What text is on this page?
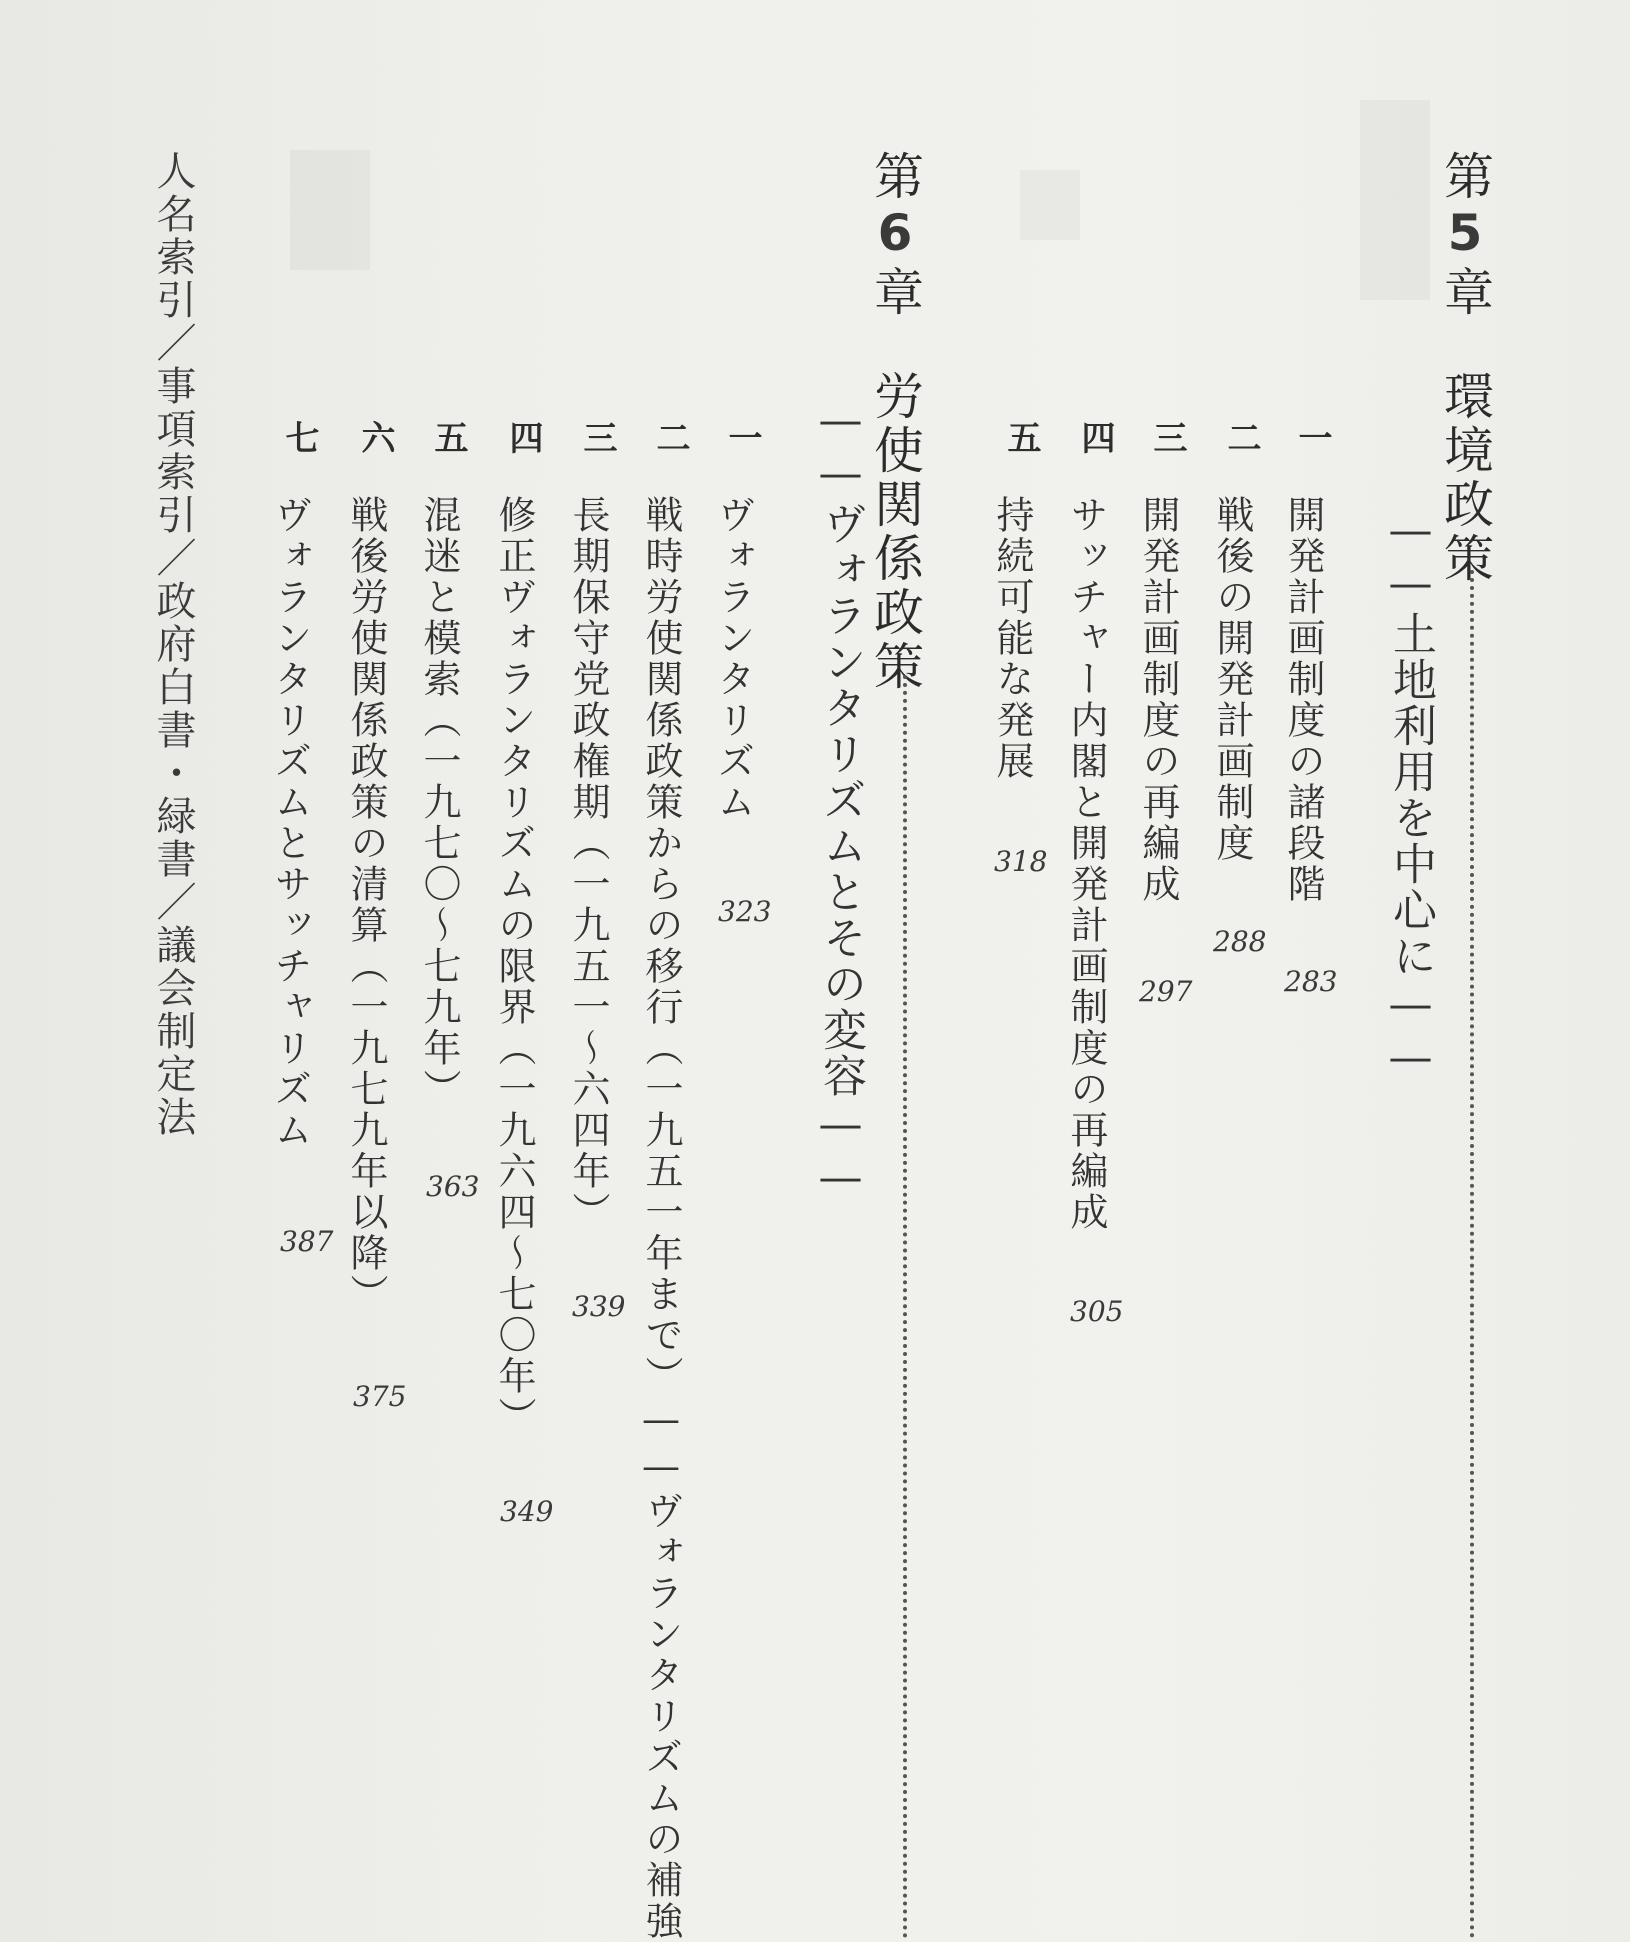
第5章環境政策
——土地利用を中心に——
一
二
三
四
五
開発計画制度の諸段階
戦後の開発計画制度
開発計画制度の再編成
サッチャー内閣と開発計画制度の再編成
持続可能な発展
283
288
297
305
318
第6章労使関係政策
——ヴォランタリズムとその変容——
一
二
三
四
五
六
七
ヴォランタリズム
戦時労使関係政策からの移行（一九五一年まで）——ヴォランタリズムの補強
長期保守党政権期（一九五一〜六四年）
修正ヴォランタリズムの限界（一九六四〜七〇年）
混迷と模索（一九七〇〜七九年）
戦後労使関係政策の清算（一九七九年以降）
ヴォランタリズムとサッチャリズム	323
339
349
363
375
387
人名索引／事項索引／政府白書・緑書／議会制定法
